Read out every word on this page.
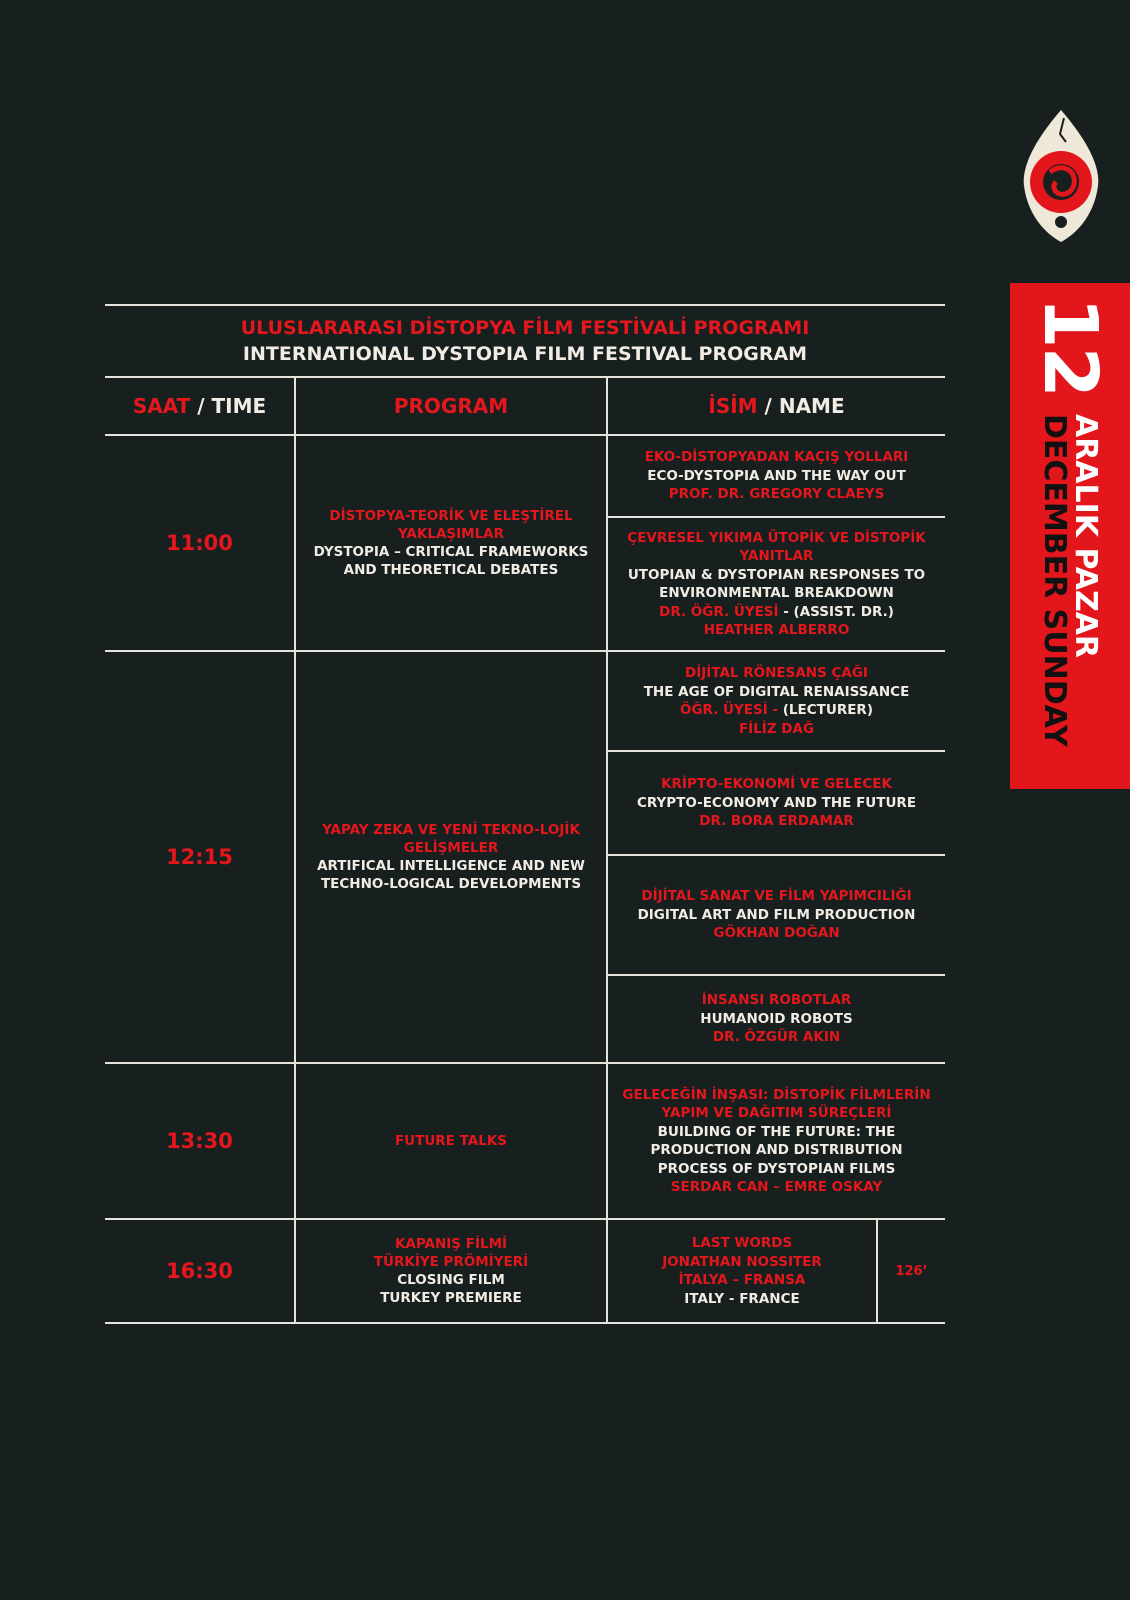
12
ARALIK PAZAR
DECEMBER SUNDAY
ULUSLARARASI DİSTOPYA FİLM FESTİVALİ PROGRAMI
INTERNATIONAL DYSTOPIA FILM FESTIVAL PROGRAM			

SAAT / TIME	PROGRAM	İSİM / NAME	
11:00	DİSTOPYA-TEORİK VE ELEŞTİREL YAKLAŞIMLAR
DYSTOPIA – CRITICAL FRAMEWORKS AND THEORETICAL DEBATES	EKO-DİSTOPYADAN KAÇIŞ YOLLARI
ECO-DYSTOPIA AND THE WAY OUT
PROF. DR. GREGORY CLAEYS	

		ÇEVRESEL YIKIMA ÜTOPİK VE DİSTOPİK YANITLAR
UTOPIAN & DYSTOPIAN RESPONSES TO ENVIRONMENTAL BREAKDOWN
DR. ÖĞR. ÜYESİ - (ASSIST. DR.)
HEATHER ALBERRO	

12:15	YAPAY ZEKA VE YENİ TEKNO-LOJİK GELİŞMELER
ARTIFICAL INTELLIGENCE AND NEW TECHNO-LOGICAL DEVELOPMENTS	DİJİTAL RÖNESANS ÇAĞI
THE AGE OF DIGITAL RENAISSANCE
ÖĞR. ÜYESİ - (LECTURER)
FİLİZ DAĞ	

		KRİPTO-EKONOMİ VE GELECEK
CRYPTO-ECONOMY AND THE FUTURE
DR. BORA ERDAMAR	

		DİJİTAL SANAT VE FİLM YAPIMCILIĞI
DIGITAL ART AND FILM PRODUCTION
GÖKHAN DOĞAN	

		İNSANSI ROBOTLAR
HUMANOID ROBOTS
DR. ÖZGÜR AKIN	

13:30	FUTURE TALKS	GELECEĞİN İNŞASI: DİSTOPİK FİLMLERİN YAPIM VE DAĞITIM SÜREÇLERİ
BUILDING OF THE FUTURE: THE PRODUCTION AND DISTRIBUTION PROCESS OF DYSTOPIAN FILMS
SERDAR CAN – EMRE OSKAY	

16:30	KAPANIŞ FİLMİ
TÜRKİYE PRÖMİYERİ
CLOSING FILM
TURKEY PREMIERE	LAST WORDS
JONATHAN NOSSITER
İTALYA – FRANSA
ITALY - FRANCE	126’
